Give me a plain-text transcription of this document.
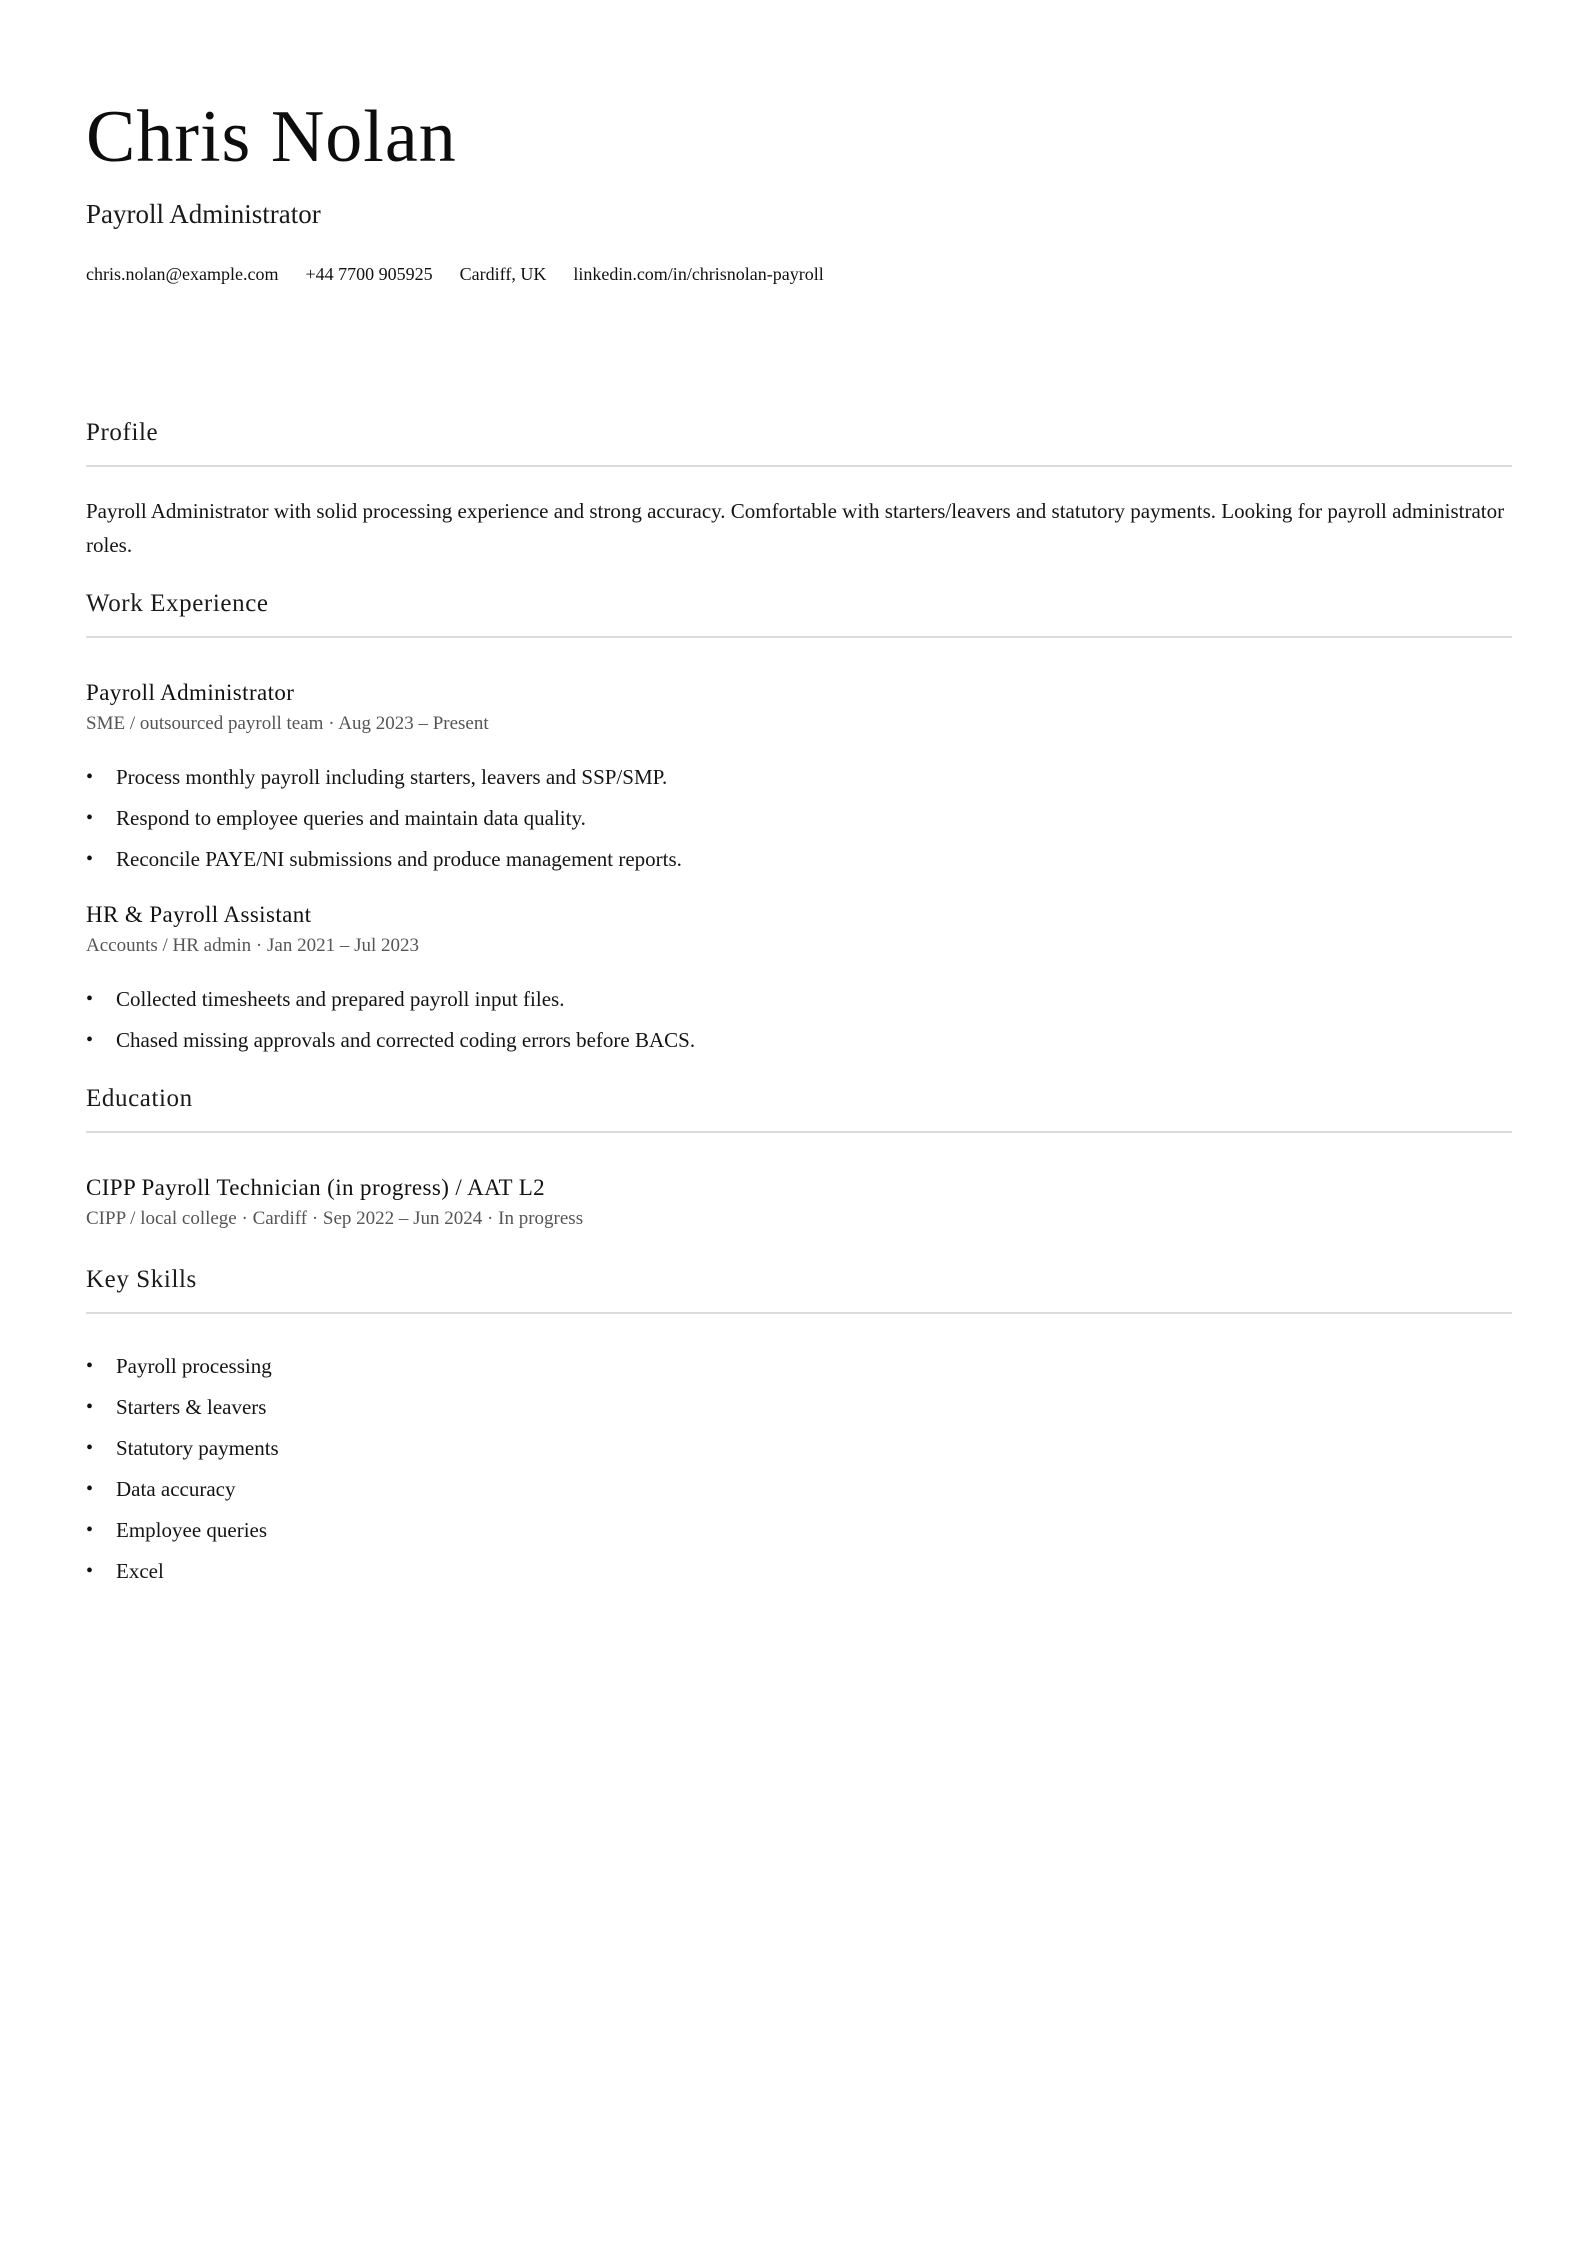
Chris Nolan
Payroll Administrator
chris.nolan@example.com +44 7700 905925 Cardiff, UK linkedin.com/in/chrisnolan-payroll
Profile
Payroll Administrator with solid processing experience and strong accuracy. Comfortable with starters/leavers and statutory payments. Looking for payroll administrator roles.
Work Experience
Payroll Administrator
SME / outsourced payroll team · Aug 2023 – Present
• Process monthly payroll including starters, leavers and SSP/SMP.
• Respond to employee queries and maintain data quality.
• Reconcile PAYE/NI submissions and produce management reports.
HR & Payroll Assistant
Accounts / HR admin · Jan 2021 – Jul 2023
• Collected timesheets and prepared payroll input files.
• Chased missing approvals and corrected coding errors before BACS.
Education
CIPP Payroll Technician (in progress) / AAT L2
CIPP / local college · Cardiff · Sep 2022 – Jun 2024 · In progress
Key Skills
• Payroll processing
• Starters & leavers
• Statutory payments
• Data accuracy
• Employee queries
• Excel
